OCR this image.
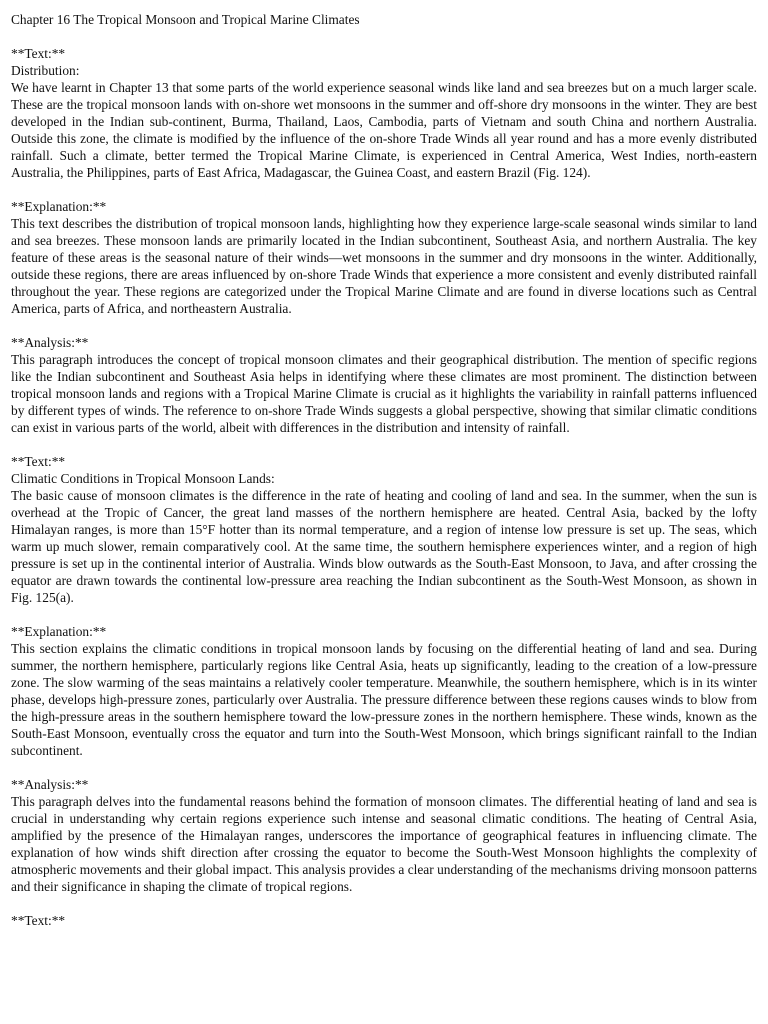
Chapter 16 The Tropical Monsoon and Tropical Marine Climates
**Text:**
Distribution:
We have learnt in Chapter 13 that some parts of the world experience seasonal winds like land and sea breezes but on a much larger scale. These are the tropical monsoon lands with on-shore wet monsoons in the summer and off-shore dry monsoons in the winter. They are best developed in the Indian sub-continent, Burma, Thailand, Laos, Cambodia, parts of Vietnam and south China and northern Australia. Outside this zone, the climate is modified by the influence of the on-shore Trade Winds all year round and has a more evenly distributed rainfall. Such a climate, better termed the Tropical Marine Climate, is experienced in Central America, West Indies, north-eastern Australia, the Philippines, parts of East Africa, Madagascar, the Guinea Coast, and eastern Brazil (Fig. 124).
**Explanation:**
This text describes the distribution of tropical monsoon lands, highlighting how they experience large-scale seasonal winds similar to land and sea breezes. These monsoon lands are primarily located in the Indian subcontinent, Southeast Asia, and northern Australia. The key feature of these areas is the seasonal nature of their winds—wet monsoons in the summer and dry monsoons in the winter. Additionally, outside these regions, there are areas influenced by on-shore Trade Winds that experience a more consistent and evenly distributed rainfall throughout the year. These regions are categorized under the Tropical Marine Climate and are found in diverse locations such as Central America, parts of Africa, and northeastern Australia.
**Analysis:**
This paragraph introduces the concept of tropical monsoon climates and their geographical distribution. The mention of specific regions like the Indian subcontinent and Southeast Asia helps in identifying where these climates are most prominent. The distinction between tropical monsoon lands and regions with a Tropical Marine Climate is crucial as it highlights the variability in rainfall patterns influenced by different types of winds. The reference to on-shore Trade Winds suggests a global perspective, showing that similar climatic conditions can exist in various parts of the world, albeit with differences in the distribution and intensity of rainfall.
**Text:**
Climatic Conditions in Tropical Monsoon Lands:
The basic cause of monsoon climates is the difference in the rate of heating and cooling of land and sea. In the summer, when the sun is overhead at the Tropic of Cancer, the great land masses of the northern hemisphere are heated. Central Asia, backed by the lofty Himalayan ranges, is more than 15°F hotter than its normal temperature, and a region of intense low pressure is set up. The seas, which warm up much slower, remain comparatively cool. At the same time, the southern hemisphere experiences winter, and a region of high pressure is set up in the continental interior of Australia. Winds blow outwards as the South-East Monsoon, to Java, and after crossing the equator are drawn towards the continental low-pressure area reaching the Indian subcontinent as the South-West Monsoon, as shown in Fig. 125(a).
**Explanation:**
This section explains the climatic conditions in tropical monsoon lands by focusing on the differential heating of land and sea. During summer, the northern hemisphere, particularly regions like Central Asia, heats up significantly, leading to the creation of a low-pressure zone. The slow warming of the seas maintains a relatively cooler temperature. Meanwhile, the southern hemisphere, which is in its winter phase, develops high-pressure zones, particularly over Australia. The pressure difference between these regions causes winds to blow from the high-pressure areas in the southern hemisphere toward the low-pressure zones in the northern hemisphere. These winds, known as the South-East Monsoon, eventually cross the equator and turn into the South-West Monsoon, which brings significant rainfall to the Indian subcontinent.
**Analysis:**
This paragraph delves into the fundamental reasons behind the formation of monsoon climates. The differential heating of land and sea is crucial in understanding why certain regions experience such intense and seasonal climatic conditions. The heating of Central Asia, amplified by the presence of the Himalayan ranges, underscores the importance of geographical features in influencing climate. The explanation of how winds shift direction after crossing the equator to become the South-West Monsoon highlights the complexity of atmospheric movements and their global impact. This analysis provides a clear understanding of the mechanisms driving monsoon patterns and their significance in shaping the climate of tropical regions.
**Text:**
